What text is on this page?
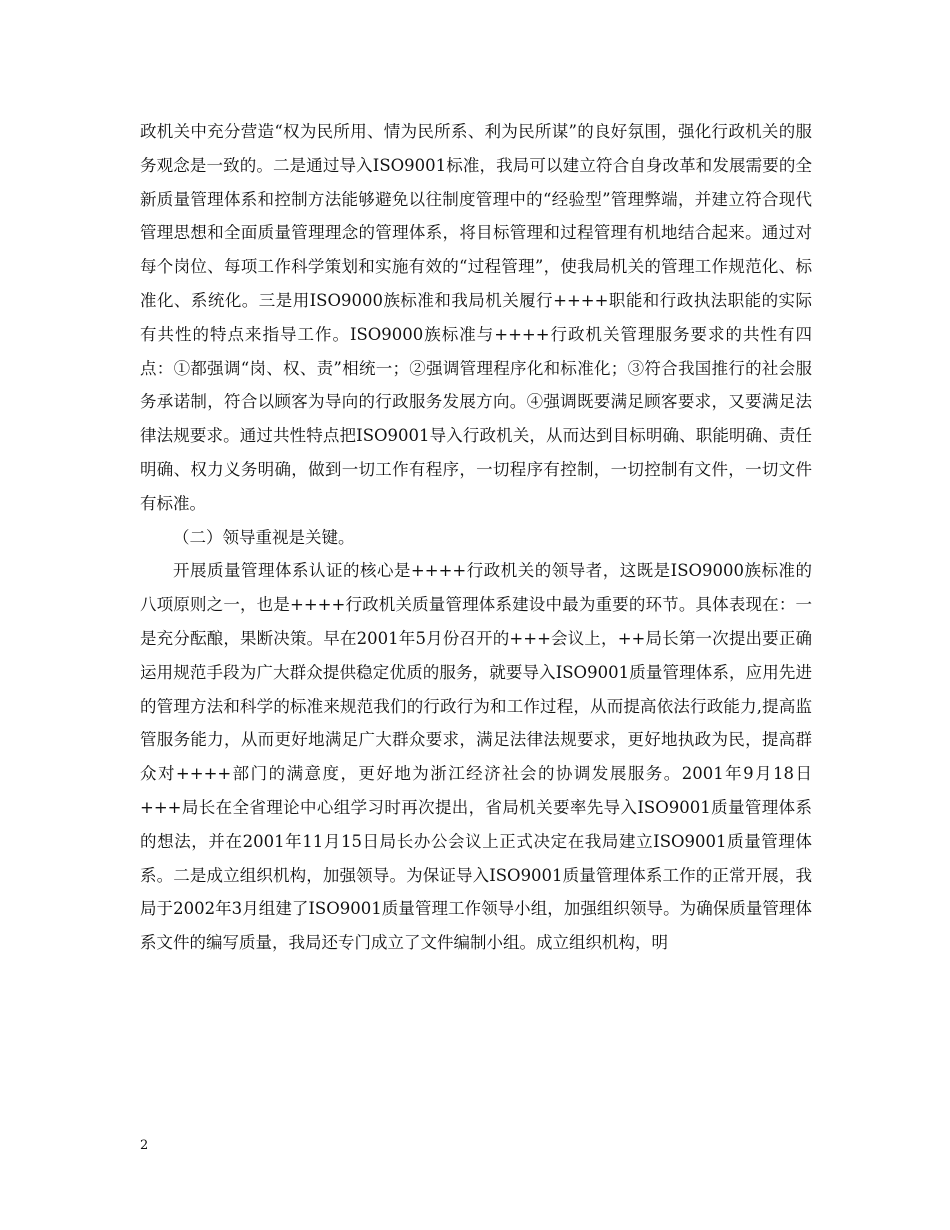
政机关中充分营造“权为民所用、情为民所系、利为民所谋”的良好氛围，强化行政机关的服务观念是一致的。二是通过导入ISO9001标准，我局可以建立符合自身改革和发展需要的全新质量管理体系和控制方法能够避免以往制度管理中的“经验型”管理弊端，并建立符合现代管理思想和全面质量管理理念的管理体系，将目标管理和过程管理有机地结合起来。通过对每个岗位、每项工作科学策划和实施有效的“过程管理”，使我局机关的管理工作规范化、标准化、系统化。三是用ISO9000族标准和我局机关履行++++职能和行政执法职能的实际有共性的特点来指导工作。ISO9000族标准与++++行政机关管理服务要求的共性有四点：①都强调“岗、权、责”相统一；②强调管理程序化和标准化；③符合我国推行的社会服务承诺制，符合以顾客为导向的行政服务发展方向。④强调既要满足顾客要求，又要满足法律法规要求。通过共性特点把ISO9001导入行政机关，从而达到目标明确、职能明确、责任明确、权力义务明确，做到一切工作有程序，一切程序有控制，一切控制有文件，一切文件有标准。

（二）领导重视是关键。

开展质量管理体系认证的核心是++++行政机关的领导者，这既是ISO9000族标准的八项原则之一，也是++++行政机关质量管理体系建设中最为重要的环节。具体表现在：一是充分酝酿，果断决策。早在2001年5月份召开的+++会议上，++局长第一次提出要正确运用规范手段为广大群众提供稳定优质的服务，就要导入ISO9001质量管理体系，应用先进的管理方法和科学的标准来规范我们的行政行为和工作过程，从而提高依法行政能力,提高监管服务能力，从而更好地满足广大群众要求，满足法律法规要求，更好地执政为民，提高群众对++++部门的满意度，更好地为浙江经济社会的协调发展服务。2001年9月18日+++局长在全省理论中心组学习时再次提出，省局机关要率先导入ISO9001质量管理体系的想法，并在2001年11月15日局长办公会议上正式决定在我局建立ISO9001质量管理体系。二是成立组织机构，加强领导。为保证导入ISO9001质量管理体系工作的正常开展，我局于2002年3月组建了ISO9001质量管理工作领导小组，加强组织领导。为确保质量管理体系文件的编写质量，我局还专门成立了文件编制小组。成立组织机构，明

2
